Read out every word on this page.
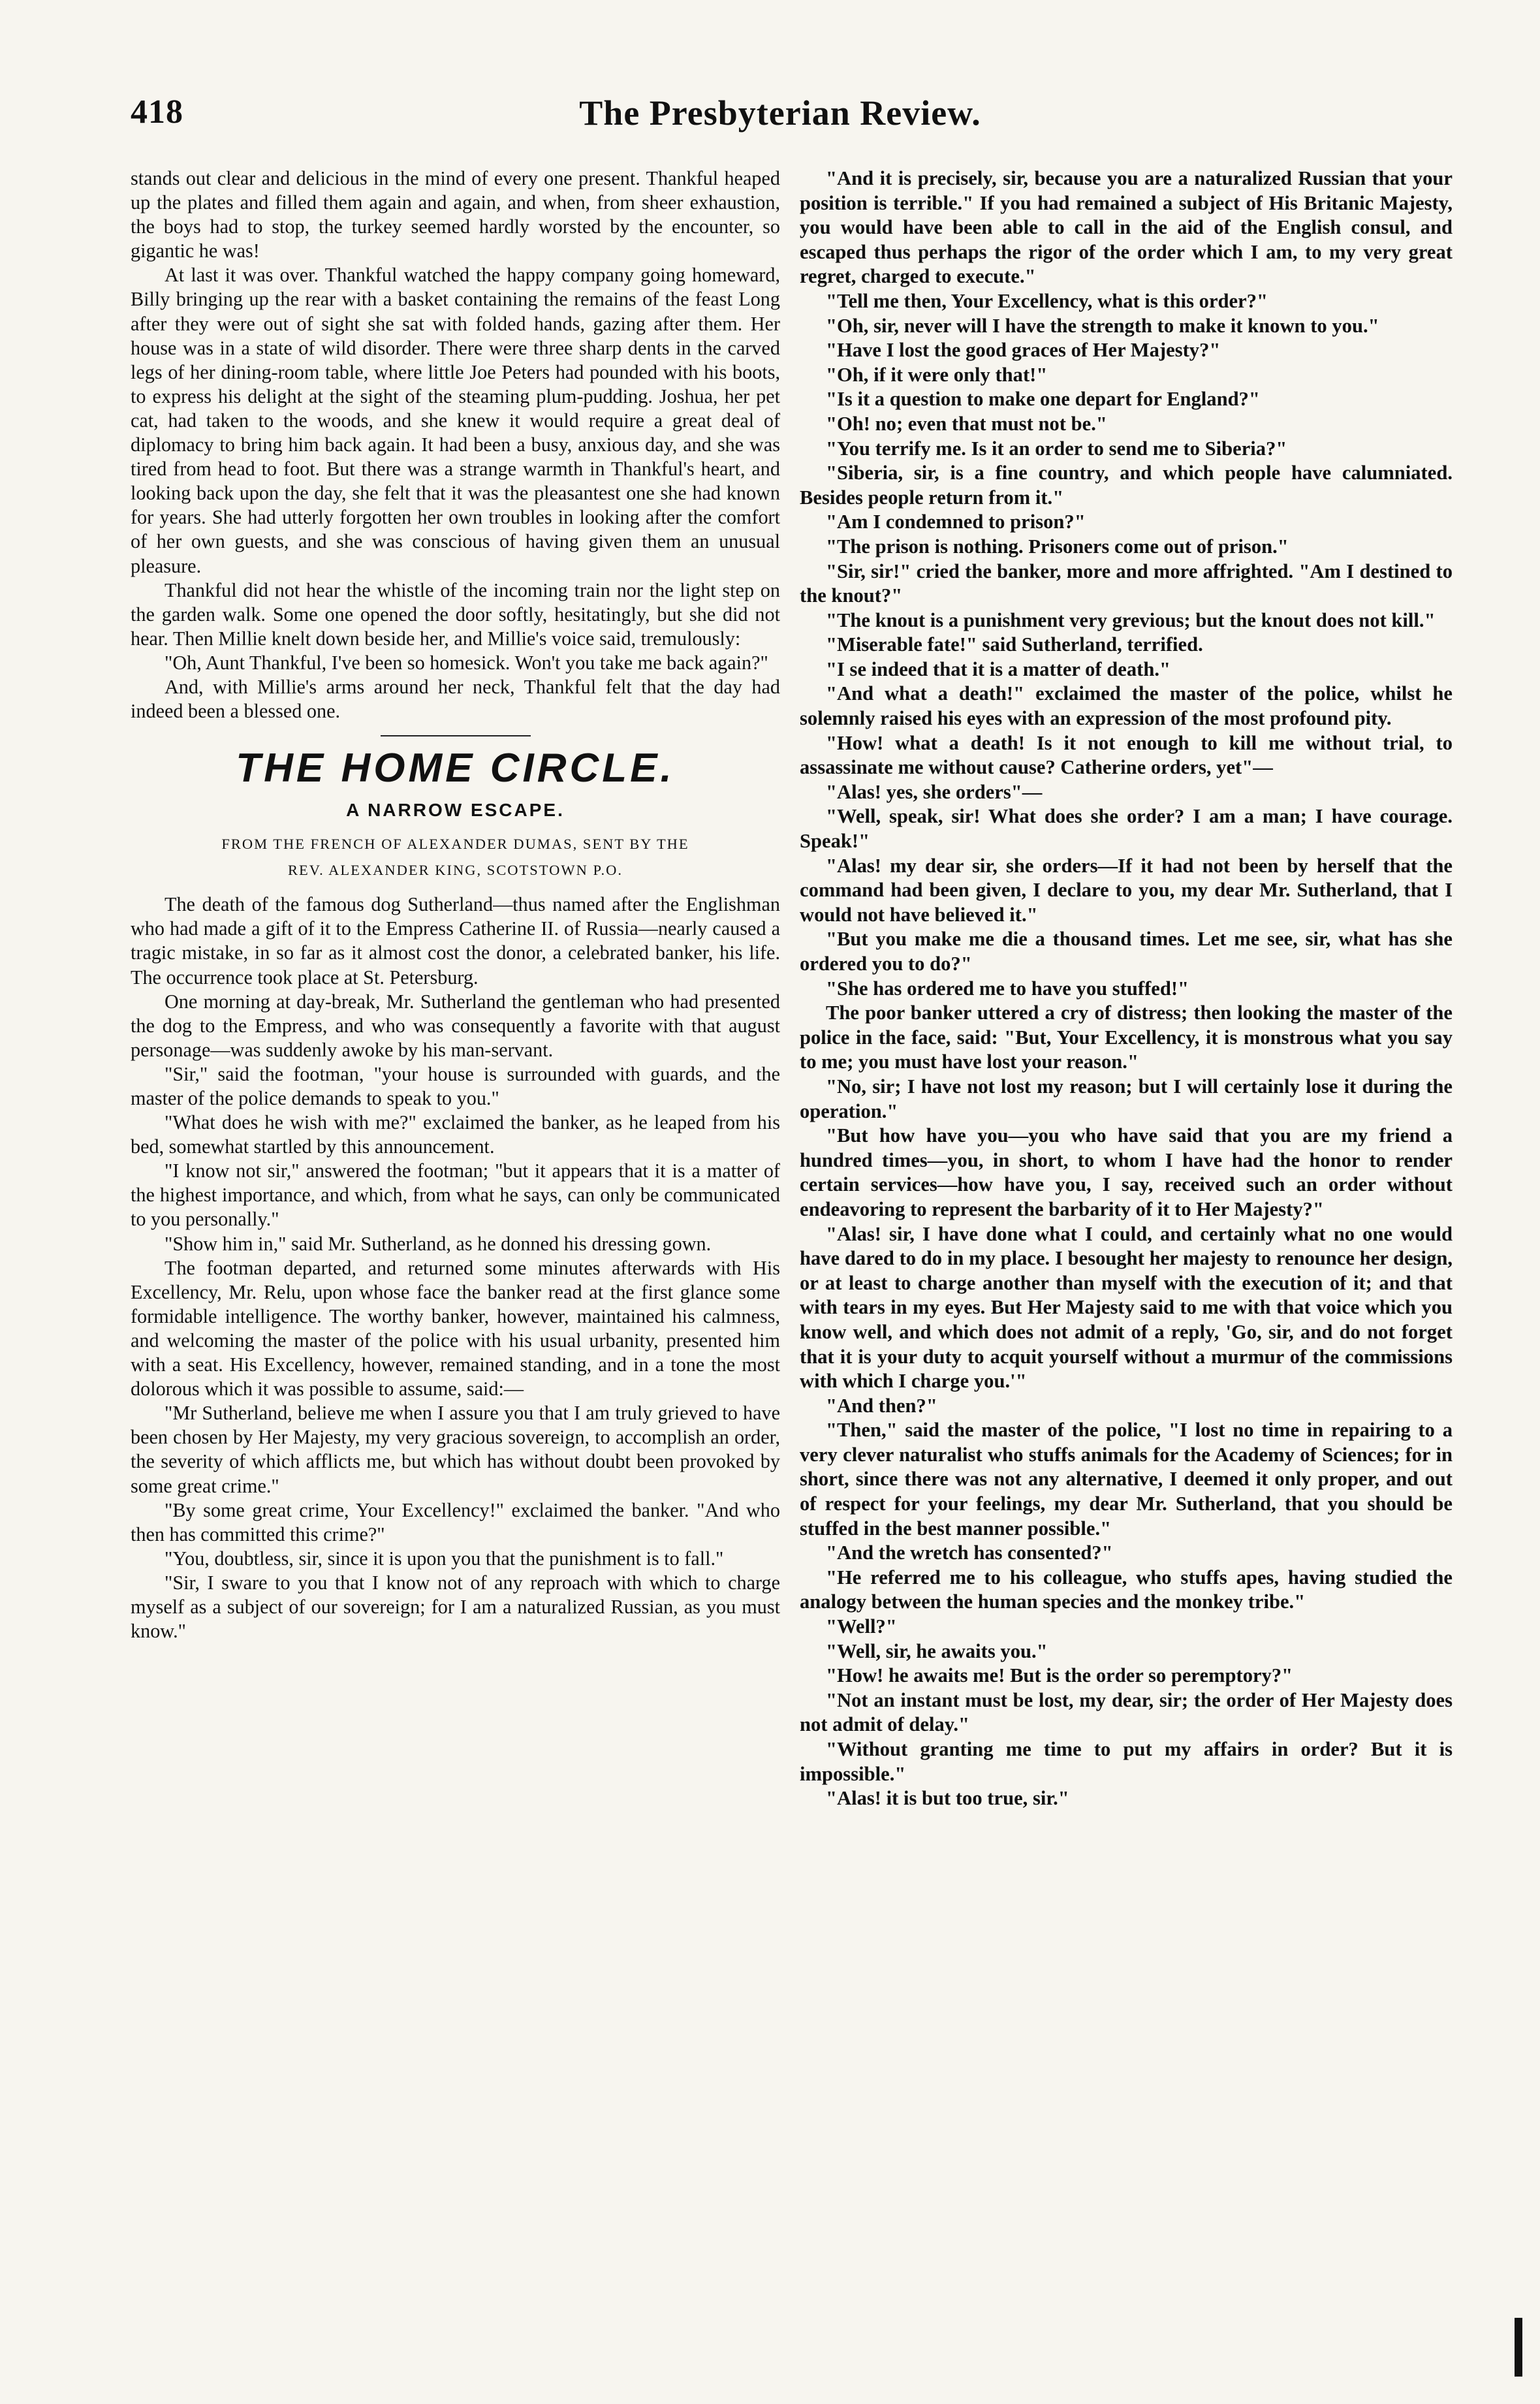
418	The Presbyterian Review.

stands out clear and delicious in the mind of every one present. Thankful heaped up the plates and filled them again and again, and when, from sheer exhaustion, the boys had to stop, the turkey seemed hardly worsted by the encounter, so gigantic he was!

At last it was over. Thankful watched the happy company going homeward, Billy bringing up the rear with a basket containing the remains of the feast Long after they were out of sight she sat with folded hands, gazing after them. Her house was in a state of wild disorder. There were three sharp dents in the carved legs of her dining-room table, where little Joe Peters had pounded with his boots, to express his delight at the sight of the steaming plum-pudding. Joshua, her pet cat, had taken to the woods, and she knew it would require a great deal of diplomacy to bring him back again. It had been a busy, anxious day, and she was tired from head to foot. But there was a strange warmth in Thankful's heart, and looking back upon the day, she felt that it was the pleasantest one she had known for years. She had utterly forgotten her own troubles in looking after the comfort of her own guests, and she was conscious of having given them an unusual pleasure.

Thankful did not hear the whistle of the incoming train nor the light step on the garden walk. Some one opened the door softly, hesitatingly, but she did not hear. Then Millie knelt down beside her, and Millie's voice said, tremulously:

"Oh, Aunt Thankful, I've been so homesick. Won't you take me back again?"

And, with Millie's arms around her neck, Thankful felt that the day had indeed been a blessed one.

THE HOME CIRCLE.
A NARROW ESCAPE.
FROM THE FRENCH OF ALEXANDER DUMAS, SENT BY THE
REV. ALEXANDER KING, SCOTSTOWN P.O.

The death of the famous dog Sutherland—thus named after the Englishman who had made a gift of it to the Empress Catherine II. of Russia—nearly caused a tragic mistake, in so far as it almost cost the donor, a celebrated banker, his life. The occurrence took place at St. Petersburg.

One morning at day-break, Mr. Sutherland the gentleman who had presented the dog to the Empress, and who was consequently a favorite with that august personage—was suddenly awoke by his man-servant.

"Sir," said the footman, "your house is surrounded with guards, and the master of the police demands to speak to you."

"What does he wish with me?" exclaimed the banker, as he leaped from his bed, somewhat startled by this announcement.

"I know not sir," answered the footman; "but it appears that it is a matter of the highest importance, and which, from what he says, can only be communicated to you personally."

"Show him in," said Mr. Sutherland, as he donned his dressing gown.

The footman departed, and returned some minutes afterwards with His Excellency, Mr. Relu, upon whose face the banker read at the first glance some formidable intelligence. The worthy banker, however, maintained his calmness, and welcoming the master of the police with his usual urbanity, presented him with a seat. His Excellency, however, remained standing, and in a tone the most dolorous which it was possible to assume, said:—

"Mr Sutherland, believe me when I assure you that I am truly grieved to have been chosen by Her Majesty, my very gracious sovereign, to accomplish an order, the severity of which afflicts me, but which has without doubt been provoked by some great crime."

"By some great crime, Your Excellency!" exclaimed the banker. "And who then has committed this crime?"

"You, doubtless, sir, since it is upon you that the punishment is to fall."

"Sir, I sware to you that I know not of any reproach with which to charge myself as a subject of our sovereign; for I am a naturalized Russian, as you must know."

"And it is precisely, sir, because you are a naturalized Russian that your position is terrible." If you had remained a subject of His Britanic Majesty, you would have been able to call in the aid of the English consul, and escaped thus perhaps the rigor of the order which I am, to my very great regret, charged to execute."

"Tell me then, Your Excellency, what is this order?"

"Oh, sir, never will I have the strength to make it known to you."

"Have I lost the good graces of Her Majesty?"

"Oh, if it were only that!"

"Is it a question to make one depart for England?"

"Oh! no; even that must not be."

"You terrify me. Is it an order to send me to Siberia?"

"Siberia, sir, is a fine country, and which people have calumniated. Besides people return from it."

"Am I condemned to prison?"

"The prison is nothing. Prisoners come out of prison."

"Sir, sir!" cried the banker, more and more affrighted. "Am I destined to the knout?"

"The knout is a punishment very grevious; but the knout does not kill."

"Miserable fate!" said Sutherland, terrified.

"I se indeed that it is a matter of death."

"And what a death!" exclaimed the master of the police, whilst he solemnly raised his eyes with an expression of the most profound pity.

"How! what a death! Is it not enough to kill me without trial, to assassinate me without cause? Catherine orders, yet"—

"Alas! yes, she orders"—

"Well, speak, sir! What does she order? I am a man; I have courage. Speak!"

"Alas! my dear sir, she orders—If it had not been by herself that the command had been given, I declare to you, my dear Mr. Sutherland, that I would not have believed it."

"But you make me die a thousand times. Let me see, sir, what has she ordered you to do?"

"She has ordered me to have you stuffed!"

The poor banker uttered a cry of distress; then looking the master of the police in the face, said: "But, Your Excellency, it is monstrous what you say to me; you must have lost your reason."

"No, sir; I have not lost my reason; but I will certainly lose it during the operation."

"But how have you—you who have said that you are my friend a hundred times—you, in short, to whom I have had the honor to render certain services—how have you, I say, received such an order without endeavoring to represent the barbarity of it to Her Majesty?"

"Alas! sir, I have done what I could, and certainly what no one would have dared to do in my place. I besought her majesty to renounce her design, or at least to charge another than myself with the execution of it; and that with tears in my eyes. But Her Majesty said to me with that voice which you know well, and which does not admit of a reply, 'Go, sir, and do not forget that it is your duty to acquit yourself without a murmur of the commissions with which I charge you.'"

"And then?"

"Then," said the master of the police, "I lost no time in repairing to a very clever naturalist who stuffs animals for the Academy of Sciences; for in short, since there was not any alternative, I deemed it only proper, and out of respect for your feelings, my dear Mr. Sutherland, that you should be stuffed in the best manner possible."

"And the wretch has consented?"

"He referred me to his colleague, who stuffs apes, having studied the analogy between the human species and the monkey tribe."

"Well?"

"Well, sir, he awaits you."

"How! he awaits me! But is the order so peremptory?"

"Not an instant must be lost, my dear, sir; the order of Her Majesty does not admit of delay."

"Without granting me time to put my affairs in order? But it is impossible."

"Alas! it is but too true, sir."
